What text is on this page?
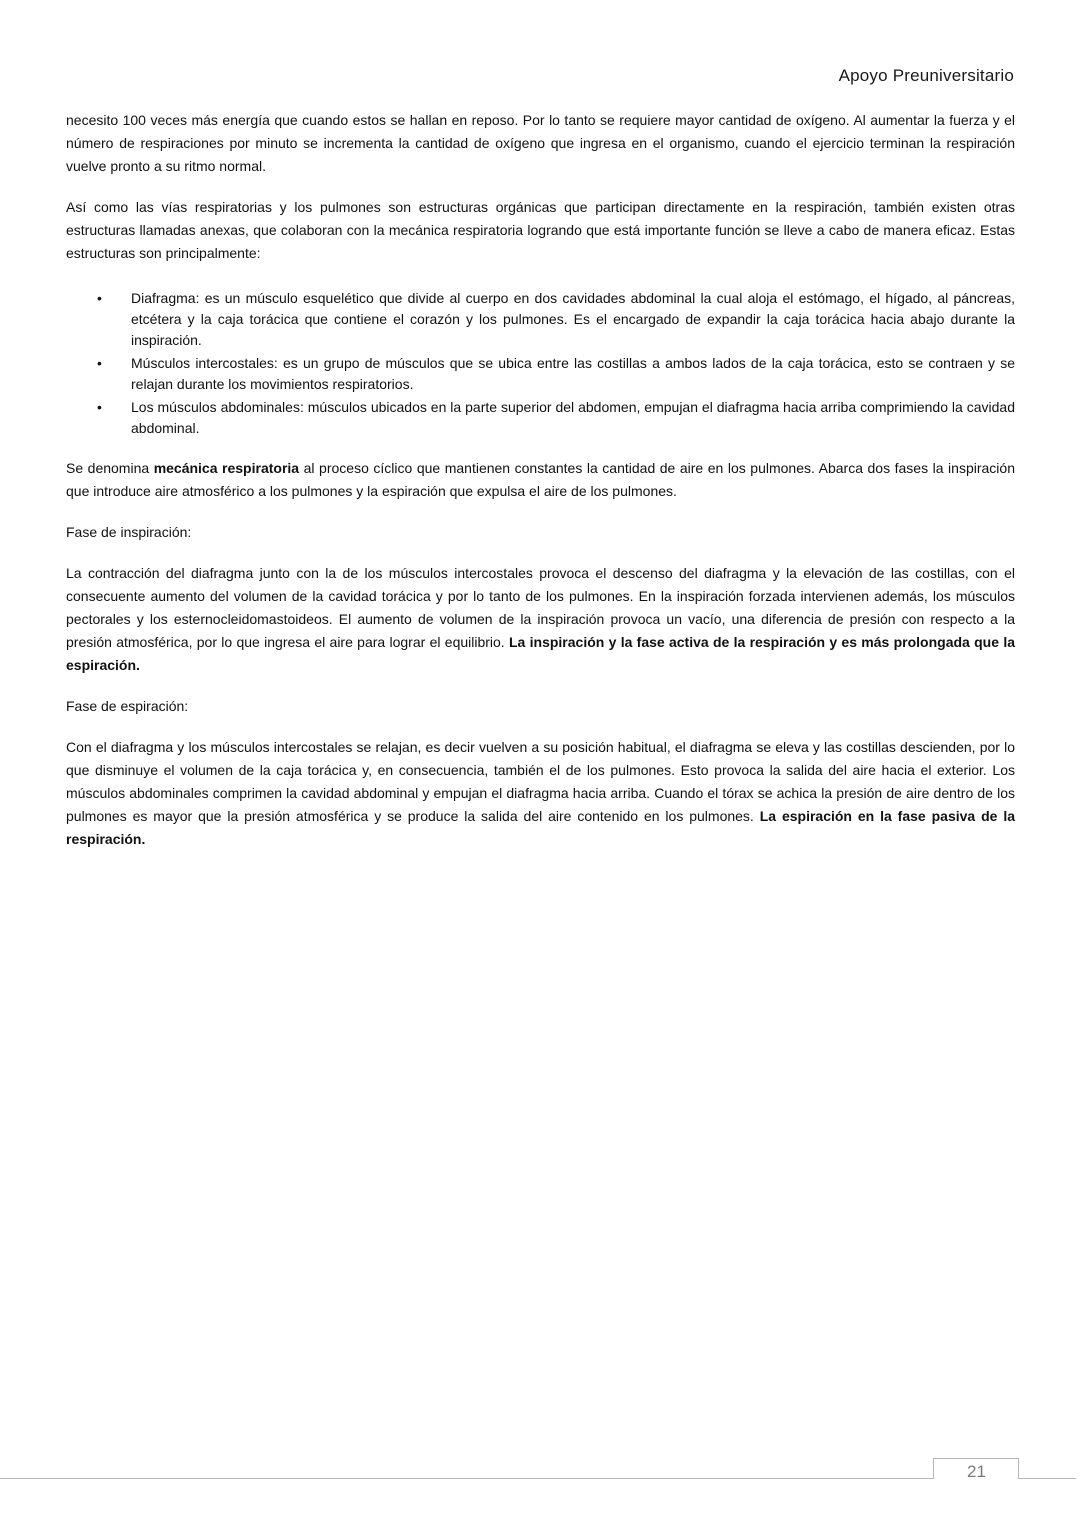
Apoyo Preuniversitario

necesito 100 veces más energía que cuando estos se hallan en reposo. Por lo tanto se requiere mayor cantidad de oxígeno. Al aumentar la fuerza y el número de respiraciones por minuto se incrementa la cantidad de oxígeno que ingresa en el organismo, cuando el ejercicio terminan la respiración vuelve pronto a su ritmo normal.

Así como las vías respiratorias y los pulmones son estructuras orgánicas que participan directamente en la respiración, también existen otras estructuras llamadas anexas, que colaboran con la mecánica respiratoria logrando que está importante función se lleve a cabo de manera eficaz. Estas estructuras son principalmente:

• Diafragma: es un músculo esquelético que divide al cuerpo en dos cavidades abdominal la cual aloja el estómago, el hígado, al páncreas, etcétera y la caja torácica que contiene el corazón y los pulmones. Es el encargado de expandir la caja torácica hacia abajo durante la inspiración.
• Músculos intercostales: es un grupo de músculos que se ubica entre las costillas a ambos lados de la caja torácica, esto se contraen y se relajan durante los movimientos respiratorios.
• Los músculos abdominales: músculos ubicados en la parte superior del abdomen, empujan el diafragma hacia arriba comprimiendo la cavidad abdominal.

Se denomina mecánica respiratoria al proceso cíclico que mantienen constantes la cantidad de aire en los pulmones. Abarca dos fases la inspiración que introduce aire atmosférico a los pulmones y la espiración que expulsa el aire de los pulmones.

Fase de inspiración:

La contracción del diafragma junto con la de los músculos intercostales provoca el descenso del diafragma y la elevación de las costillas, con el consecuente aumento del volumen de la cavidad torácica y por lo tanto de los pulmones. En la inspiración forzada intervienen además, los músculos pectorales y los esternocleidomastoideos. El aumento de volumen de la inspiración provoca un vacío, una diferencia de presión con respecto a la presión atmosférica, por lo que ingresa el aire para lograr el equilibrio. La inspiración y la fase activa de la respiración y es más prolongada que la espiración.

Fase de espiración:

Con el diafragma y los músculos intercostales se relajan, es decir vuelven a su posición habitual, el diafragma se eleva y las costillas descienden, por lo que disminuye el volumen de la caja torácica y, en consecuencia, también el de los pulmones. Esto provoca la salida del aire hacia el exterior. Los músculos abdominales comprimen la cavidad abdominal y empujan el diafragma hacia arriba. Cuando el tórax se achica la presión de aire dentro de los pulmones es mayor que la presión atmosférica y se produce la salida del aire contenido en los pulmones. La espiración en la fase pasiva de la respiración.

21
